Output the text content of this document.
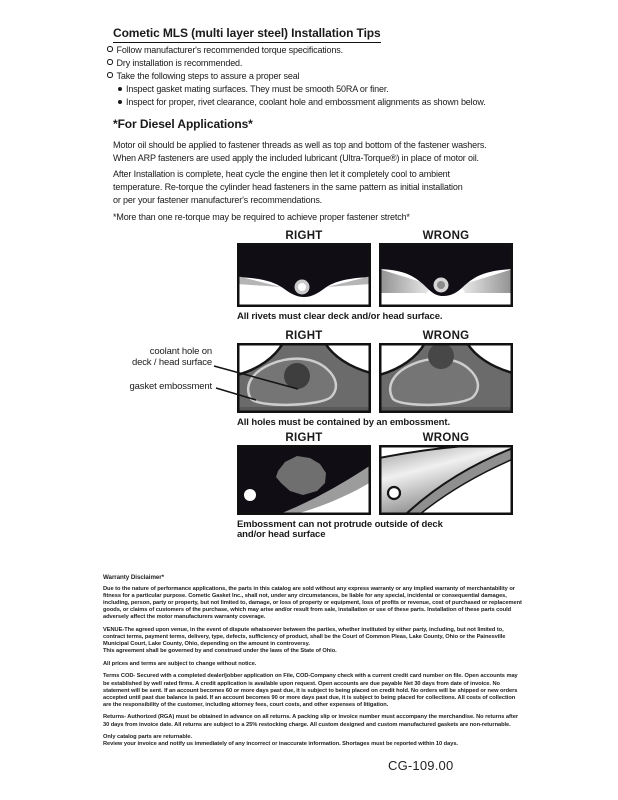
Cometic MLS (multi layer steel) Installation Tips
Follow manufacturer's recommended torque specifications.
Dry installation is recommended.
Take the following steps to assure a proper seal
Inspect gasket mating surfaces. They must be smooth 50RA or finer.
Inspect for proper, rivet clearance, coolant hole and embossment alignments as shown below.
*For Diesel Applications*
Motor oil should be applied to fastener threads as well as top and bottom of the fastener washers.
When ARP fasteners are used apply the included lubricant (Ultra-Torque®) in place of motor oil.
After Installation is complete, heat cycle the engine then let it completely cool to ambient
temperature. Re-torque the cylinder head fasteners in the same pattern as initial installation
or per your fastener manufacturer's recommendations.
*More than one re-torque may be required to achieve proper fastener stretch*
RIGHT	WRONG
All rivets must clear deck and/or head surface.
RIGHT	WRONG
All holes must be contained by an embossment.
coolant hole on
deck / head surface
gasket embossment
RIGHT	WRONG
Embossment can not protrude outside of deck
and/or head surface
Warranty Disclaimer*
Due to the nature of performance applications, the parts in this catalog are sold without any express warranty or any implied warranty of merchantability or
fitness for a particular purpose. Cometic Gasket Inc., shall not, under any circumstances, be liable for any special, incidental or consequential damages,
including, person, party or property, but not limited to, damage, or loss of property or equipment, loss of profits or revenue, cost of purchased or replacement
goods, or claims of customers of the purchase, which may arise and/or result from sale, installation or use of these parts. Installation of these parts could
adversely affect the motor manufacturers warranty coverage.
VENUE-The agreed upon venue, in the event of dispute whatsoever between the parties, whether instituted by either party, including, but not limited to,
contract terms, payment terms, delivery, type, defects, sufficiency of product, shall be the Court of Common Pleas, Lake County, Ohio or the Painesville
Municipal Court, Lake County, Ohio, depending on the amount in controversy.
This agreement shall be governed by and construed under the laws of the State of Ohio.
All prices and terms are subject to change without notice.
Terms COD- Secured with a completed dealer/jobber application on File, COD-Company check with a current credit card number on file. Open accounts may
be established by well rated firms. A credit application is available upon request. Open accounts are due payable Net 30 days from date of invoice. No
statement will be sent. If an account becomes 60 or more days past due, it is subject to being placed on credit hold. No orders will be shipped or new orders
accepted until past due balance is paid. If an account becomes 90 or more days past due, it is subject to being placed for collections. All costs of collection
are the responsibility of the customer, including attorney fees, court costs, and other expenses of litigation.
Returns- Authorized (RGA) must be obtained in advance on all returns. A packing slip or invoice number must accompany the merchandise. No returns after
30 days from invoice date. All returns are subject to a 25% restocking charge. All custom designed and custom manufactured gaskets are non-returnable.
Only catalog parts are returnable.
Review your invoice and notify us immediately of any incorrect or inaccurate information. Shortages must be reported within 10 days.
CG-109.00
